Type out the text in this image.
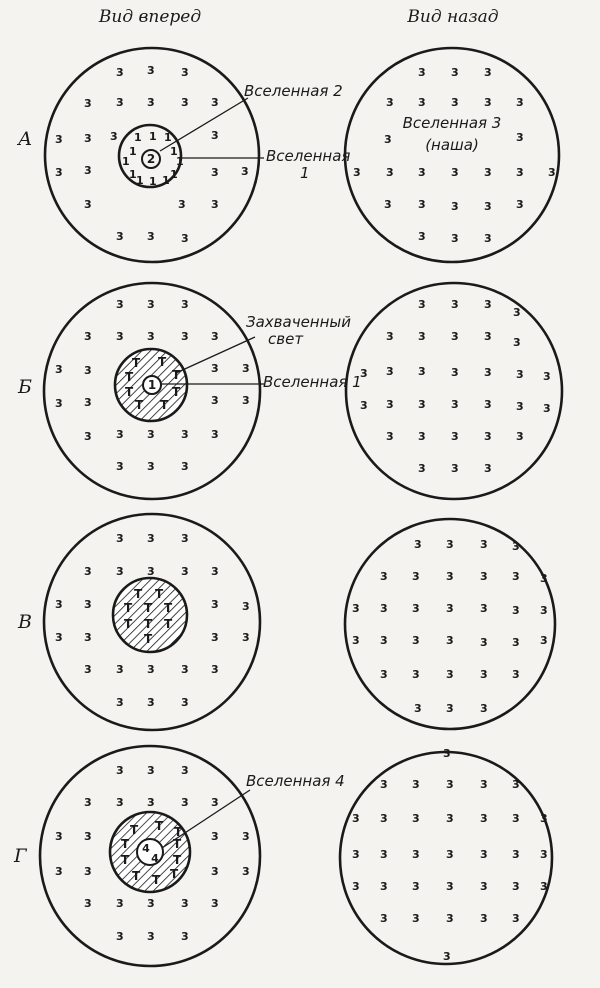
Вид вперед	Вид назад
А
Б
В
Г
2
1 1 1
1	1
1	1
1	1
1 1 1
3 3 3
3 3 3 3 3
3 3 3	3
3 3	3 3
3	3 3
3 3 3
Вселенная 2
Вселенная
1
3 3 3
3 3 3 3 3
3	3
3 3 3 3 3 3 3
3 3 3 3 3
3 3 3
Вселенная 3
(наша)
1
T T
T	T
T	T
T T
3 3 3
3 3 3 3 3
3 3	3 3
3 3	3 3
3 3 3 3 3
3 3 3
Захваченный
свет
Вселенная 1
3 3 3
3
3 3 3 3 3
3 3 3 3 3 3 3
3 3 3 3 3 3 3
3 3 3 3 3
3 3 3
T T
T T T
T T T
T
3 3 3
3 3 3 3 3
3 3	3 3
3 3	3 3
3 3 3 3 3
3 3 3
3 3 3 3
3 3 3 3 3 3
3 3 3 3 3 3 3
3 3 3 3 3 3 3
3 3 3 3 3
3 3 3
4
4
T T T
T	T
T	T
T T T
3 3 3
3 3 3 3 3
3 3	3 3
3 3	3 3
3 3 3 3 3
3 3 3
Вселенная 4
3
3 3 3 3 3
3 3 3 3 3 3 3
3 3 3 3 3 3 3
3 3 3 3 3 3 3
3 3 3 3 3
3
